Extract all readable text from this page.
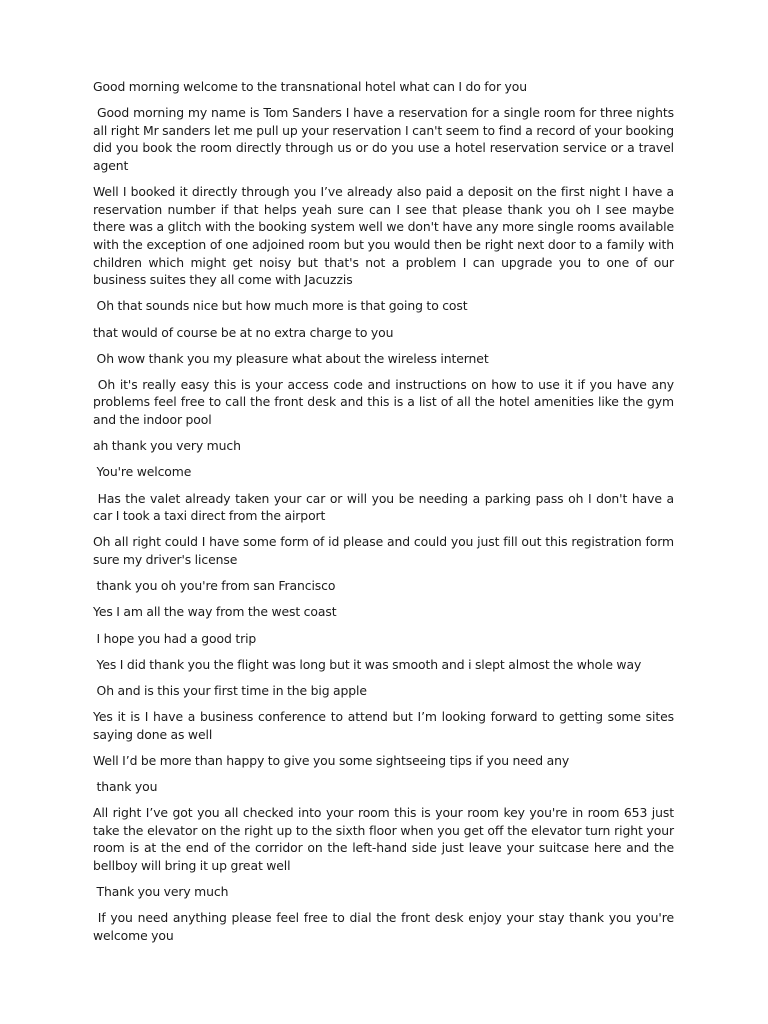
Good morning welcome to the transnational hotel what can I do for you

Good morning my name is Tom Sanders I have a reservation for a single room for three nights all right Mr sanders let me pull up your reservation I can't seem to find a record of your booking did you book the room directly through us or do you use a hotel reservation service or a travel agent

Well I booked it directly through you I’ve already also paid a deposit on the first night I have a reservation number if that helps yeah sure can I see that please thank you oh I see maybe there was a glitch with the booking system well we don't have any more single rooms available with the exception of one adjoined room but you would then be right next door to a family with children which might get noisy but that's not a problem I can upgrade you to one of our business suites they all come with Jacuzzis

Oh that sounds nice but how much more is that going to cost

that would of course be at no extra charge to you

Oh wow thank you my pleasure what about the wireless internet

Oh it's really easy this is your access code and instructions on how to use it if you have any problems feel free to call the front desk and this is a list of all the hotel amenities like the gym and the indoor pool

ah thank you very much

You're welcome

Has the valet already taken your car or will you be needing a parking pass oh I don't have a car I took a taxi direct from the airport

Oh all right could I have some form of id please and could you just fill out this registration form sure my driver's license

thank you oh you're from san Francisco

Yes I am all the way from the west coast

I hope you had a good trip

Yes I did thank you the flight was long but it was smooth and i slept almost the whole way

Oh and is this your first time in the big apple

Yes it is I have a business conference to attend but I’m looking forward to getting some sites saying done as well

Well I’d be more than happy to give you some sightseeing tips if you need any

thank you

All right I’ve got you all checked into your room this is your room key you're in room 653 just take the elevator on the right up to the sixth floor when you get off the elevator turn right your room is at the end of the corridor on the left-hand side just leave your suitcase here and the bellboy will bring it up great well

Thank you very much

If you need anything please feel free to dial the front desk enjoy your stay thank you you're welcome you
